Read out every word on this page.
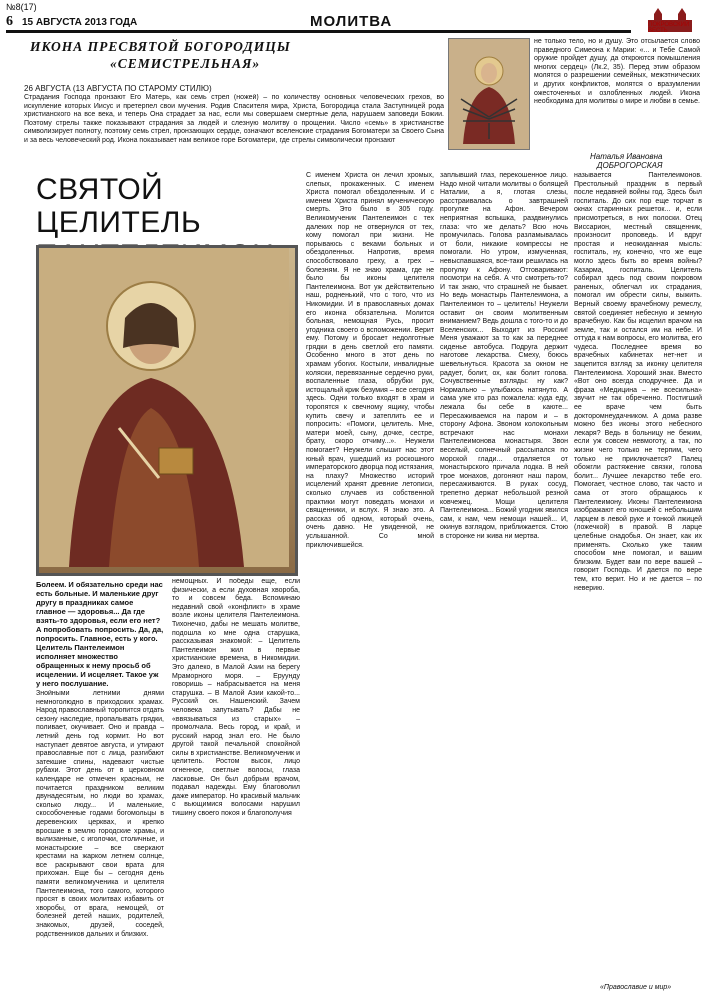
№8(17)
6 15 АВГУСТА 2013 ГОДА	МОЛИТВА	ПОКРОВСКИЙ ВЕСТЬ
ИКОНА ПРЕСВЯТОЙ БОГОРОДИЦЫ
«СЕМИСТРЕЛЬНАЯ»
26 АВГУСТА (13 АВГУСТА ПО СТАРОМУ СТИЛЮ)
Страдания Господа пронзают Его Матерь, как семь стрел (ножей) – по количеству основных человеческих грехов, во искупление которых Иисус и претерпел свои мучения. Родив Спасителя мира, Христа, Богородица стала Заступницей рода христианского на все века, и теперь Она страдает за нас, если мы совершаем смертные дела, нарушаем заповеди Божии. Поэтому стрелы также показывают страдания за людей и слезную молитву о прощении. Число «семь» в христианстве символизирует полноту, поэтому семь стрел, пронзающих сердце, означают вселенские страдания Богоматери за Своего Сына и за весь человеческий род. Икона показывает нам великое горе Богоматери, где стрелы символически пронзают
не только тело, но и душу. Это отсылается слово праведного Симеона к Марии: «... и Тебе Самой оружие пройдет душу, да откроются помышления многих сердец» (Лк.2, 35). Перед этим образом молятся о разрешении семейных, межэтнических и других конфликтов, молятся о вразумлении ожесточенных и озлобленных людей. Икона необходима для молитвы о мире и любви в семье.
Наталья Ивановна
ДОБРОГОРСКАЯ
СВЯТОЙ ЦЕЛИТЕЛЬ
Болеем. И обязательно среди нас есть больные. И маленькие друг другу в праздниках самое главное — здоровья... Да где взять-то здоровья, если его нет? А попробовать попросить. Да, да, попросить. Главное, есть у кого. Целитель Пантелеимон исполняет множество обращенных к нему просьб об исцелении. И исцеляет. Такое уж у него послушание.
Знойными летними днями немноголюдно в приходских храмах. Народ православный торопится отдать сезону наследие, пропалывать грядки, поливает, окучивает. Оно и правда – летний день год кормит. Но вот наступает девятое августа, и утирают православные пот с лица, разгибают затекшие спины, надевают чистые рубахи. Этот день от в церковном календаре не отмечен красным, не почитается праздником великим двунадесятым, но люди во храмах, сколько люду... И маленькие, скособоченные годами богомольцы в деревенских церквах, и крепко вросшие в землю городские храмы, и вылизанные, с иголочки, столичные, и монастырские – все сверкают крестами на жарком летнем солнце, все раскрывают свои врата для прихожан. Еще бы – сегодня день памяти великомученика и целителя Пантелеимона, того самого, которого просят в своих молитвах избавить от хворобы, от врага, немощей, от болезней детей наших, родителей, знакомых, друзей, соседей, родственников дальних и близких.
немощных. И победы еще, если физически, а если духовная хвороба, то и совсем беда. Вспоминаю недавний свой «конфликт» в храме возле иконы целителя Пантелеимона. Тихонечко, дабы не мешать молитве, подошла ко мне одна старушка, рассказывая знакомой: – Целитель Пантелеимон жил в первые христианские времена, в Никомидии. Это далеко, в Малой Азии на берегу Мраморного моря. – Еруунду говоришь – набрасывается на меня старушка. – В Малой Азии какой-то... Русский он. Нашенский. Зачем человека запутывать? Дабы не «ввязываться из старых» – промолчала. Весь город, и край, и русский народ знал его. Не было другой такой печальной спокойной силы в христианстве. Великомученик и целитель. Ростом высок, лицо огненное, светлые волосы, глаза ласковые. Он был добрым врачом, подавал надежды. Ему благоволил даже император. Но красивый мальчик с вьющимися волосами нарушил тишину своего покоя и благополучия
С именем Христа он лечил хромых, слепых, прокаженных. С именем Христа помогал обездоленным. И с именем Христа принял мученическую смерть. Это было в 305 году. Великомученик Пантелеимон с тех далеких пор не отвернулся от тех, кому помогал при жизни. Не порываюсь с веками больных и обездоленных. Напротив, время способствовало греху, а грех – болезням. Я не знаю храма, где не было бы иконы целителя Пантелеимона. Вот уж действительно наш, родненький, что с того, что из Никомидии. И в православных домах его иконка обязательна. Молится больная, немощная Русь, просит угодника своего о вспоможении. Верит ему. Потому и бросает недолготные грядки в день светлой его памяти. Особенно много в этот день по храмам убогих. Костыли, инвалидные коляски, перевязанные сердечно руки, воспаленные глаза, обрубки рук, истощалый крик безумия – все сегодня здесь. Одни только входят в храм и торопятся к свечному ящику, чтобы купить свечу и затеплить ее и попросить: «Помоги, целитель. Мне, матери моей, сыну, дочке, сестре, брату, скоро отчиму...». Неужели помогает? Неужели слышит нас этот юный врач, ушедший из роскошного императорского дворца под истязания, на плаху? Множество историй исцелений хранят древние летописи, сколько случаев из собственной практики могут поведать монахи и священники, и вслух. Я знаю это. А рассказ об одном, который очень, очень давно. Не увиденной, не услышанной. Со мной приключившейся.
заплывший глаз, перекошенное лицо. Надо мной читали молитвы о болящей Наталии, а я, глотая слезы, расстраивалась о завтрашней прогулке на Афон. Вечером неприятная вспышка, раздвинулись глаза: что же делать? Всю ночь промучилась. Голова разламывалась от боли, никакие компрессы не помогали. Но утром, измученная, невыспавшаяся, все-таки решилась на прогулку к Афону. Отговаривают: посмотри на себя. А что смотреть-то? И так знаю, что страшней не бывает. Но ведь монастырь Пантелеимона, а Пантелеимон то – целитель! Неужели оставит он своим молитвенным вниманием? Ведь дошла с того-то и до Вселенских... Выходит из России! Меня уважают за то как за переднее сиденье автобуса. Подруга держит наготове лекарства. Смеху, боюсь шевельнуться. Красота за окном не радует, болит, ох, как болит голова. Сочувственные взгляды: ну как? Нормально – улыбаюсь натянуто. А сама уже кто раз пожалела: куда еду, лежала бы себе в каюте... Пересаживаемся на паром и – в сторону Афона. Звоном колокольным встречают нас монахи Пантелеимонова монастыря. Звон веселый, солнечный рассыпался по морской глади... отдаляется от монастырского причала лодка. В ней трое монахов, догоняют наш паром, пересаживаются. В руках сосуд, трепетно держат небольшой резной ковчежец. Мощи целителя Пантелеимона... Божий угодник явился сам, к нам, чем немощи нашей... И, окинув взглядом, приближается. Стою в сторонке ни жива ни мертва.
называется Пантелеимонов. Престольный праздник в первый после недавней войны год. Здесь был госпиталь. До сих пор еще торчат в окнах старинных решеток... и, если присмотреться, в них полоски. Отец Виссарион, местный священник, произносит проповедь. И вдруг простая и неожиданная мысль: госпиталь, ну, конечно, что же еще могло здесь быть во время войны? Казарма, госпиталь. Целитель собирал здесь под своим покровом раненых, облегчал их страдания, помогал им обрести силы, выжить. Верный своему врачебному ремеслу, святой соединяет небесную и земную врачебную. Как бы исцелил врачом на земле, так и остался им на небе. И оттуда к нам вопросы, его молитва, его чудеса. Последнее время во врачебных кабинетах нет-нет и зацепится взгляд за иконку целителя Пантелеимона. Хороший знак. Вместо «Вот оно всегда сподручнее. Да и фраза «Медицина – не всесильна» звучит не так обреченно. Постигший ее враче чем быть докторомнеудачником. А дома разве можно без иконы этого небесного лекаря? Ведь в больницу не бежим, если уж совсем невмоготу, а так, по жизни чего только не терпим, чего только не приключается? Палец обожгли растяжение связки, голова болит... Лучшее лекарство тебе его. Помогает, честное слово, так часто и сама от этого обращаюсь к Пантелеимону. Иконы Пантелеимона изображают его юношей с небольшим ларцем в левой руке и тонкой лжицей (ложечкой) в правой. В ларце целебные снадобья. Он знает, как их применять. Сколько уже таким способом мне помогал, и вашим близким. Будет вам по вере вашей – говорит Господь. И дается по вере тем, кто верит. Но и не дается – по неверию.
«Православие и мир»
